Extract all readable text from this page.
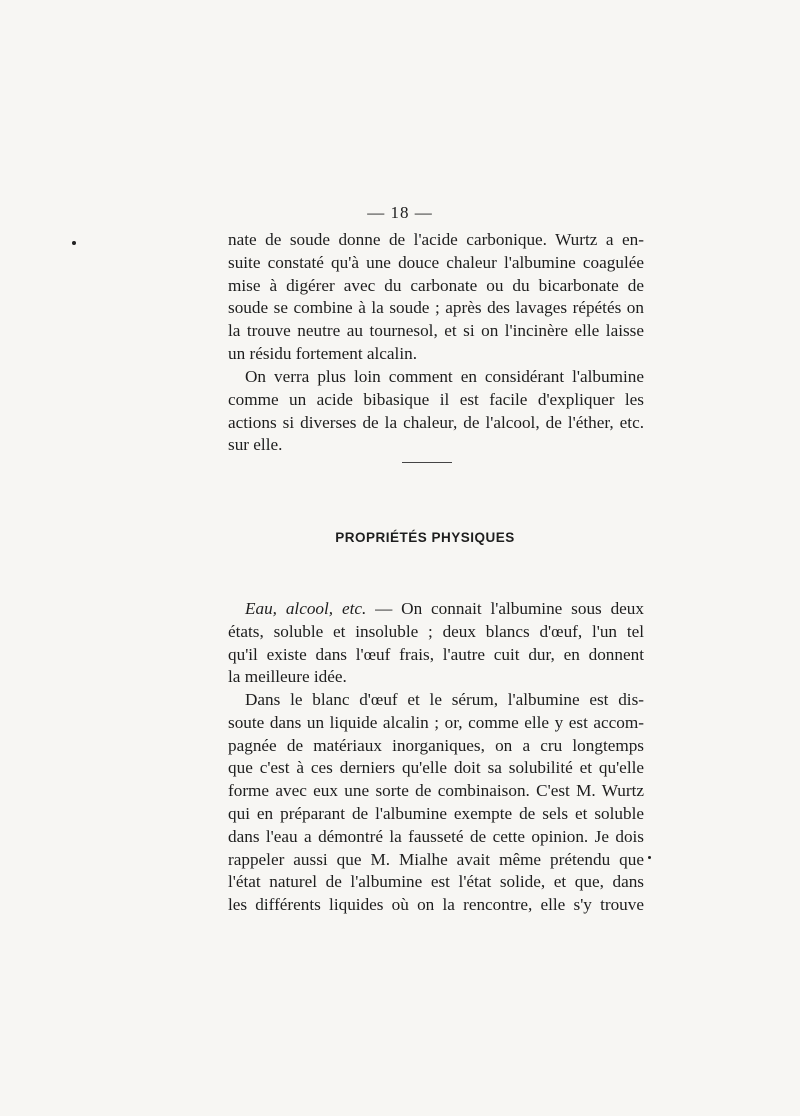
— 18 —
nate de soude donne de l'acide carbonique. Wurtz a en-
suite constaté qu'à une douce chaleur l'albumine coagulée
mise à digérer avec du carbonate ou du bicarbonate de
soude se combine à la soude ; après des lavages répétés on
la trouve neutre au tournesol, et si on l'incinère elle laisse
un résidu fortement alcalin.
On verra plus loin comment en considérant l'albumine
comme un acide bibasique il est facile d'expliquer les
actions si diverses de la chaleur, de l'alcool, de l'éther, etc.
sur elle.
PROPRIÉTÉS PHYSIQUES
Eau, alcool, etc. — On connait l'albumine sous deux
états, soluble et insoluble ; deux blancs d'œuf, l'un tel
qu'il existe dans l'œuf frais, l'autre cuit dur, en donnent
la meilleure idée.
Dans le blanc d'œuf et le sérum, l'albumine est dis-
soute dans un liquide alcalin ; or, comme elle y est accom-
pagnée de matériaux inorganiques, on a cru longtemps
que c'est à ces derniers qu'elle doit sa solubilité et qu'elle
forme avec eux une sorte de combinaison. C'est M. Wurtz
qui en préparant de l'albumine exempte de sels et soluble
dans l'eau a démontré la fausseté de cette opinion. Je dois
rappeler aussi que M. Mialhe avait même prétendu que
l'état naturel de l'albumine est l'état solide, et que, dans
les différents liquides où on la rencontre, elle s'y trouve
